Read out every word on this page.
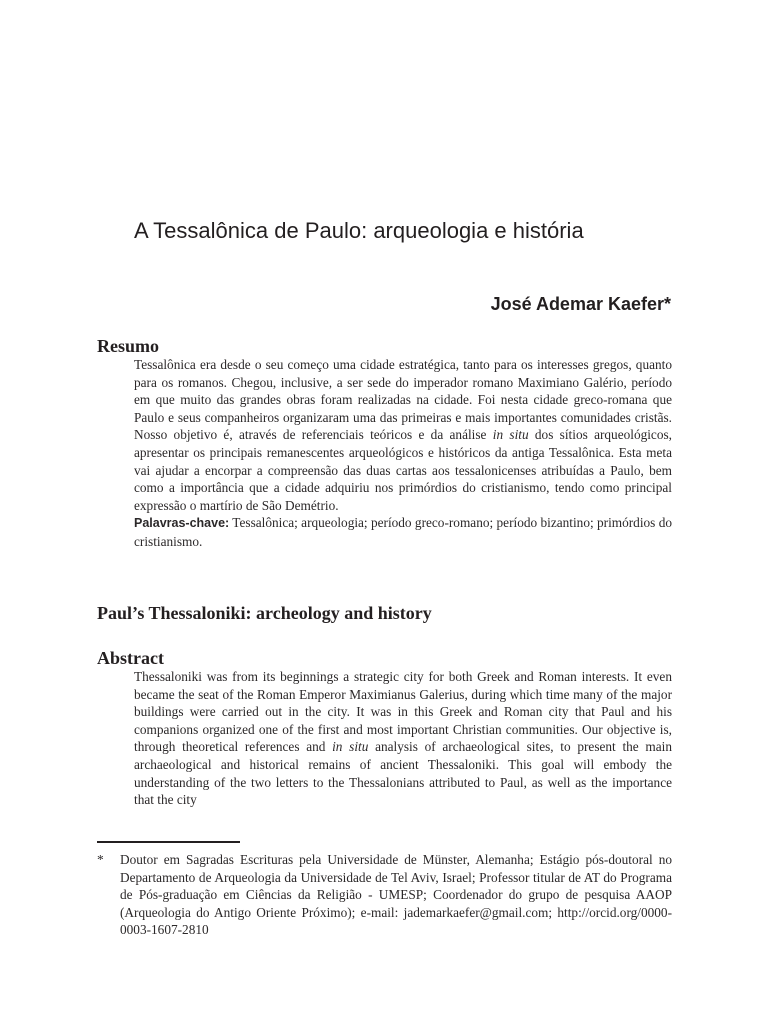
A Tessalônica de Paulo: arqueologia e história
José Ademar Kaefer*
Resumo

Tessalônica era desde o seu começo uma cidade estratégica, tanto para os interesses gregos, quanto para os romanos. Chegou, inclusive, a ser sede do imperador romano Maximiano Galério, período em que muito das grandes obras foram realizadas na cidade. Foi nesta cidade greco-romana que Paulo e seus companheiros organizaram uma das primeiras e mais importantes comunidades cristãs. Nosso objetivo é, através de referenciais teóricos e da análise in situ dos sítios arqueológicos, apresentar os principais remanescentes arqueológicos e históricos da antiga Tessalônica. Esta meta vai ajudar a encorpar a compreensão das duas cartas aos tessalonicenses atribuídas a Paulo, bem como a importância que a cidade adquiriu nos primórdios do cristianismo, tendo como principal expressão o martírio de São Demétrio.

Palavras-chave: Tessalônica; arqueologia; período greco-romano; período bizantino; primórdios do cristianismo.

Paul’s Thessaloniki: archeology and history
Abstract

Thessaloniki was from its beginnings a strategic city for both Greek and Roman interests. It even became the seat of the Roman Emperor Maximianus Galerius, during which time many of the major buildings were carried out in the city. It was in this Greek and Roman city that Paul and his companions organized one of the first and most important Christian communities. Our objective is, through theoretical references and in situ analysis of archaeological sites, to present the main archaeological and historical remains of ancient Thessaloniki. This goal will embody the understanding of the two letters to the Thessalonians attributed to Paul, as well as the importance that the city

* Doutor em Sagradas Escrituras pela Universidade de Münster, Alemanha; Estágio pós-doutoral no Departamento de Arqueologia da Universidade de Tel Aviv, Israel; Professor titular de AT do Programa de Pós-graduação em Ciências da Religião - UMESP; Coordenador do grupo de pesquisa AAOP (Arqueologia do Antigo Oriente Próximo); e-mail: jademarkaefer@gmail.com; http://orcid.org/0000-0003-1607-2810
